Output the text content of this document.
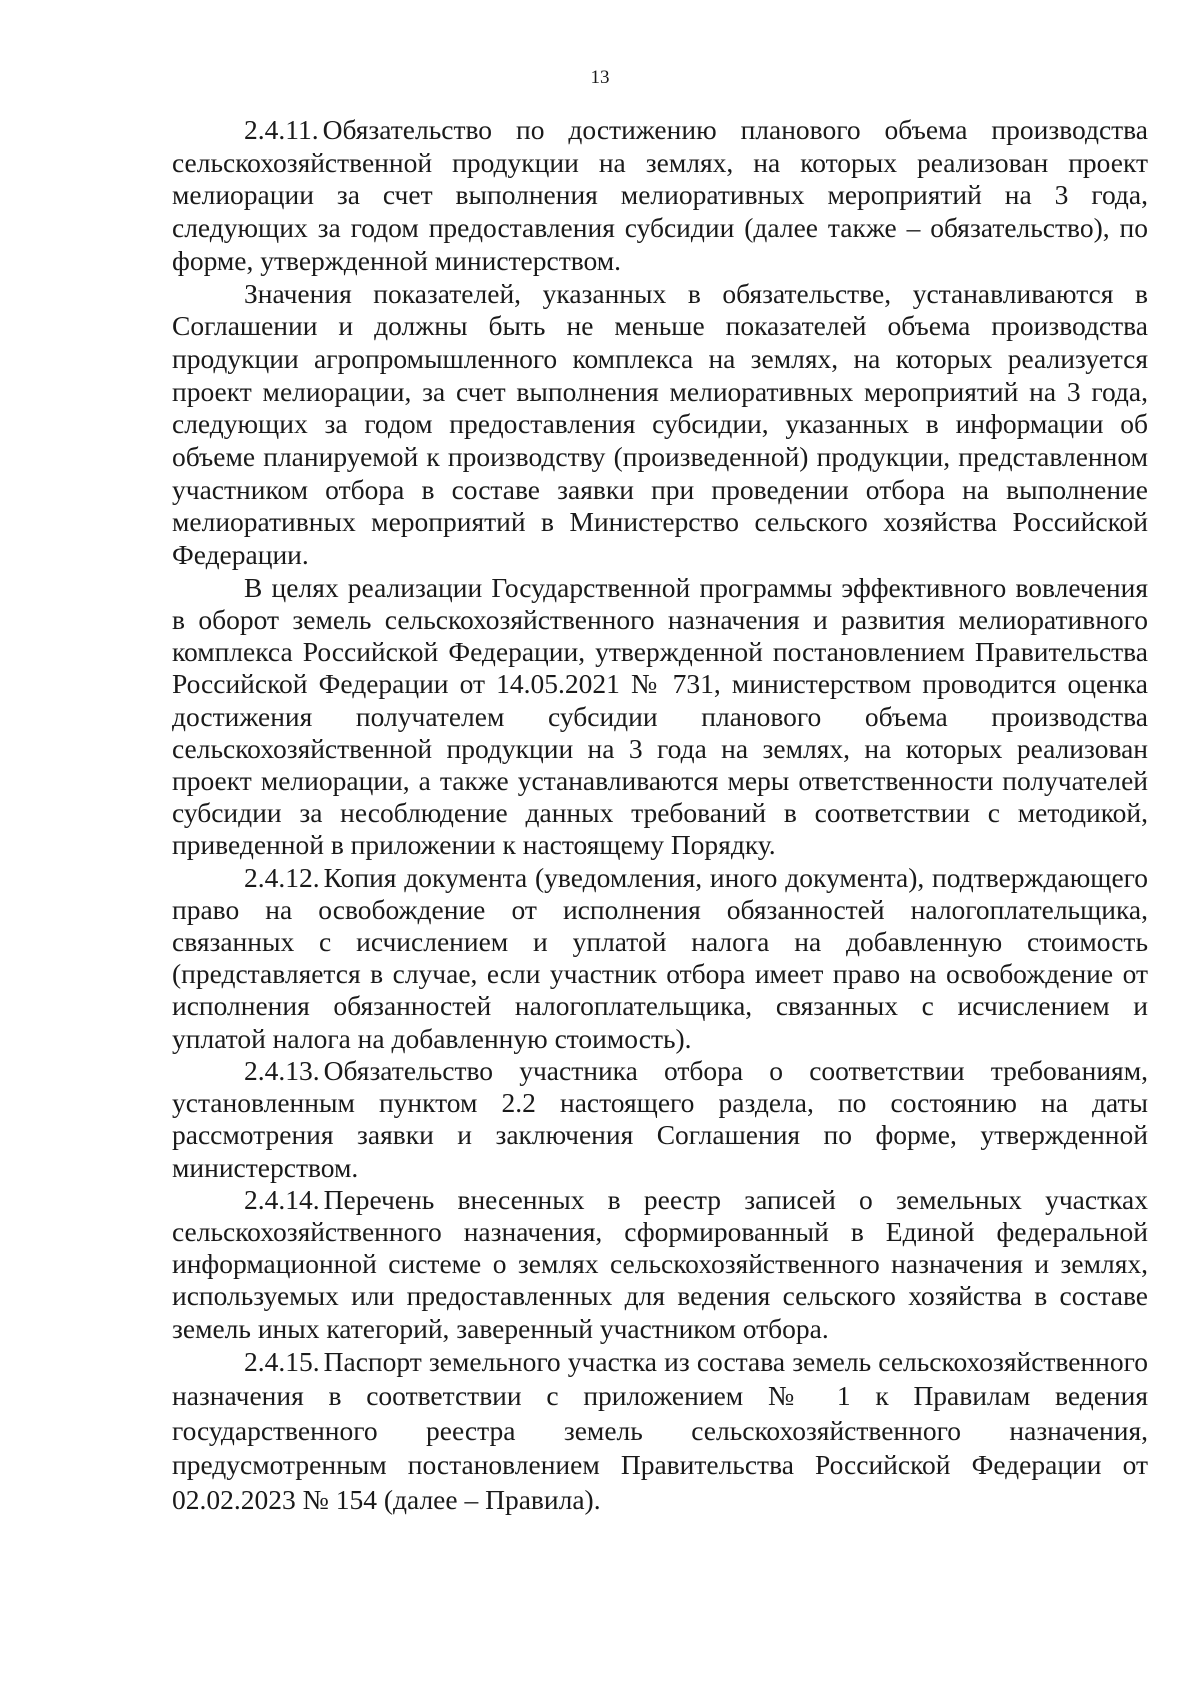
13

2.4.11. Обязательство по достижению планового объема производства сельскохозяйственной продукции на землях, на которых реализован проект мелиорации за счет выполнения мелиоративных мероприятий на 3 года, следующих за годом предоставления субсидии (далее также – обязательство), по форме, утвержденной министерством.

Значения показателей, указанных в обязательстве, устанавливаются в Соглашении и должны быть не меньше показателей объема производства продукции агропромышленного комплекса на землях, на которых реализуется проект мелиорации, за счет выполнения мелиоративных мероприятий на 3 года, следующих за годом предоставления субсидии, указанных в информации об объеме планируемой к производству (произведенной) продукции, представленном участником отбора в составе заявки при проведении отбора на выполнение мелиоративных мероприятий в Министерство сельского хозяйства Российской Федерации.

В целях реализации Государственной программы эффективного вовлечения в оборот земель сельскохозяйственного назначения и развития мелиоративного комплекса Российской Федерации, утвержденной постановлением Правительства Российской Федерации от 14.05.2021 № 731, министерством проводится оценка достижения получателем субсидии планового объема производства сельскохозяйственной продукции на 3 года на землях, на которых реализован проект мелиорации, а также устанавливаются меры ответственности получателей субсидии за несоблюдение данных требований в соответствии с методикой, приведенной в приложении к настоящему Порядку.

2.4.12. Копия документа (уведомления, иного документа), подтверждающего право на освобождение от исполнения обязанностей налогоплательщика, связанных с исчислением и уплатой налога на добавленную стоимость (представляется в случае, если участник отбора имеет право на освобождение от исполнения обязанностей налогоплательщика, связанных с исчислением и уплатой налога на добавленную стоимость).

2.4.13. Обязательство участника отбора о соответствии требованиям, установленным пунктом 2.2 настоящего раздела, по состоянию на даты рассмотрения заявки и заключения Соглашения по форме, утвержденной министерством.

2.4.14. Перечень внесенных в реестр записей о земельных участках сельскохозяйственного назначения, сформированный в Единой федеральной информационной системе о землях сельскохозяйственного назначения и землях, используемых или предоставленных для ведения сельского хозяйства в составе земель иных категорий, заверенный участником отбора.

2.4.15. Паспорт земельного участка из состава земель сельскохозяйственного назначения в соответствии с приложением № 1 к Правилам ведения государственного реестра земель сельскохозяйственного назначения, предусмотренным постановлением Правительства Российской Федерации от 02.02.2023 № 154 (далее – Правила).
